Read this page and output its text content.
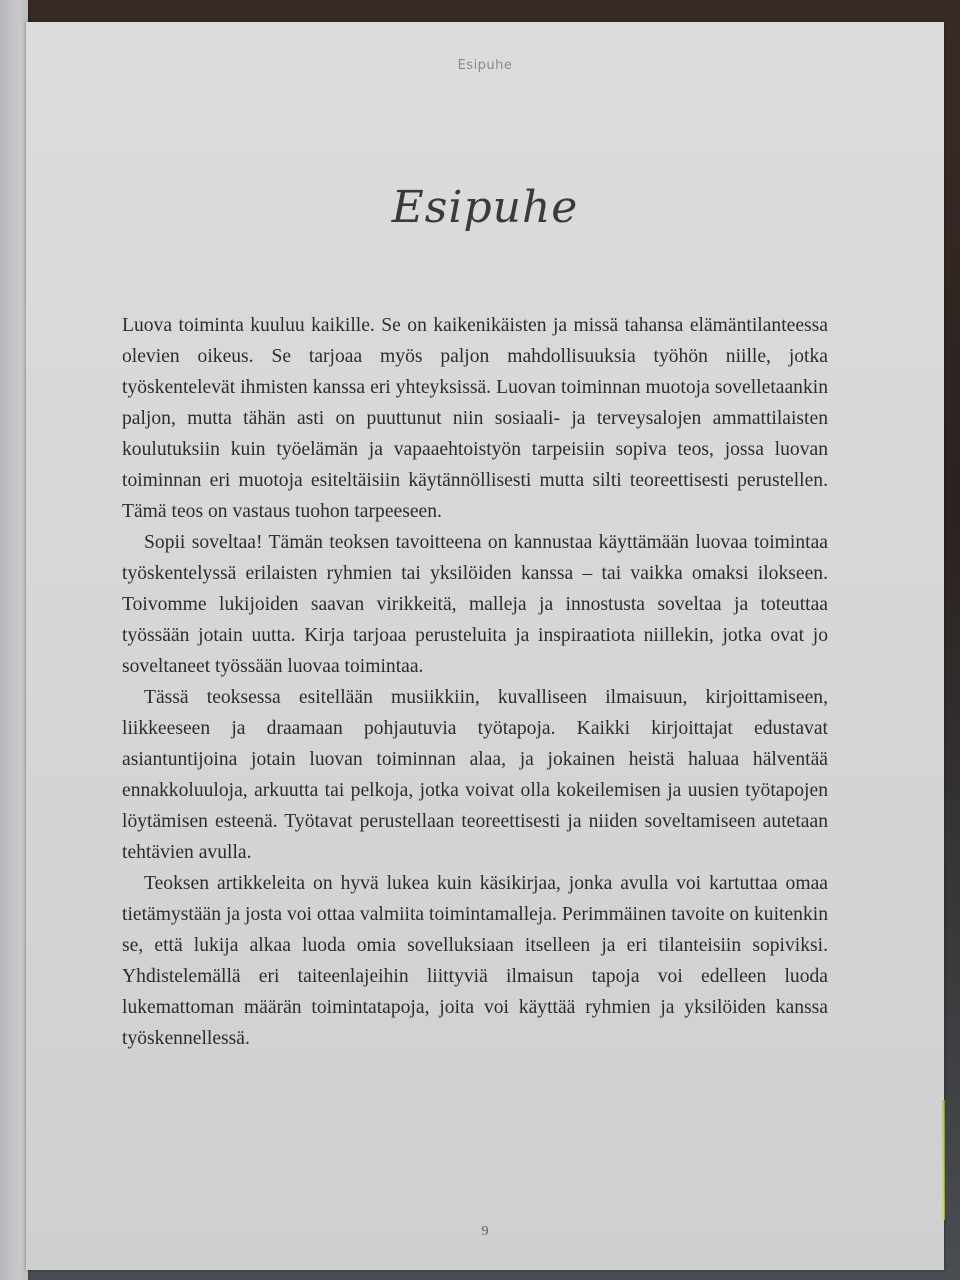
Esipuhe
Esipuhe

Luova toiminta kuuluu kaikille. Se on kaikenikäisten ja missä tahansa elämäntilanteessa olevien oikeus. Se tarjoaa myös paljon mahdollisuuksia työhön niille, jotka työskentelevät ihmisten kanssa eri yhteyksissä. Luovan toiminnan muotoja sovelletaankin paljon, mutta tähän asti on puuttunut niin sosiaali- ja terveysalojen ammattilaisten koulutuksiin kuin työelämän ja vapaaehtoistyön tarpeisiin sopiva teos, jossa luovan toiminnan eri muotoja esiteltäisiin käytännöllisesti mutta silti teoreettisesti perustellen. Tämä teos on vastaus tuohon tarpeeseen.

Sopii soveltaa! Tämän teoksen tavoitteena on kannustaa käyttämään luovaa toimintaa työskentelyssä erilaisten ryhmien tai yksilöiden kanssa – tai vaikka omaksi ilokseen. Toivomme lukijoiden saavan virikkeitä, malleja ja innostusta soveltaa ja toteuttaa työssään jotain uutta. Kirja tarjoaa perusteluita ja inspiraatiota niillekin, jotka ovat jo soveltaneet työssään luovaa toimintaa.

Tässä teoksessa esitellään musiikkiin, kuvalliseen ilmaisuun, kirjoittamiseen, liikkeeseen ja draamaan pohjautuvia työtapoja. Kaikki kirjoittajat edustavat asiantuntijoina jotain luovan toiminnan alaa, ja jokainen heistä haluaa hälventää ennakkoluuloja, arkuutta tai pelkoja, jotka voivat olla kokeilemisen ja uusien työtapojen löytämisen esteenä. Työtavat perustellaan teoreettisesti ja niiden soveltamiseen autetaan tehtävien avulla.

Teoksen artikkeleita on hyvä lukea kuin käsikirjaa, jonka avulla voi kartuttaa omaa tietämystään ja josta voi ottaa valmiita toimintamalleja. Perimmäinen tavoite on kuitenkin se, että lukija alkaa luoda omia sovelluksiaan itselleen ja eri tilanteisiin sopiviksi. Yhdistelemällä eri taiteenlajeihin liittyviä ilmaisun tapoja voi edelleen luoda lukemattoman määrän toimintatapoja, joita voi käyttää ryhmien ja yksilöiden kanssa työskennellessä.

9
